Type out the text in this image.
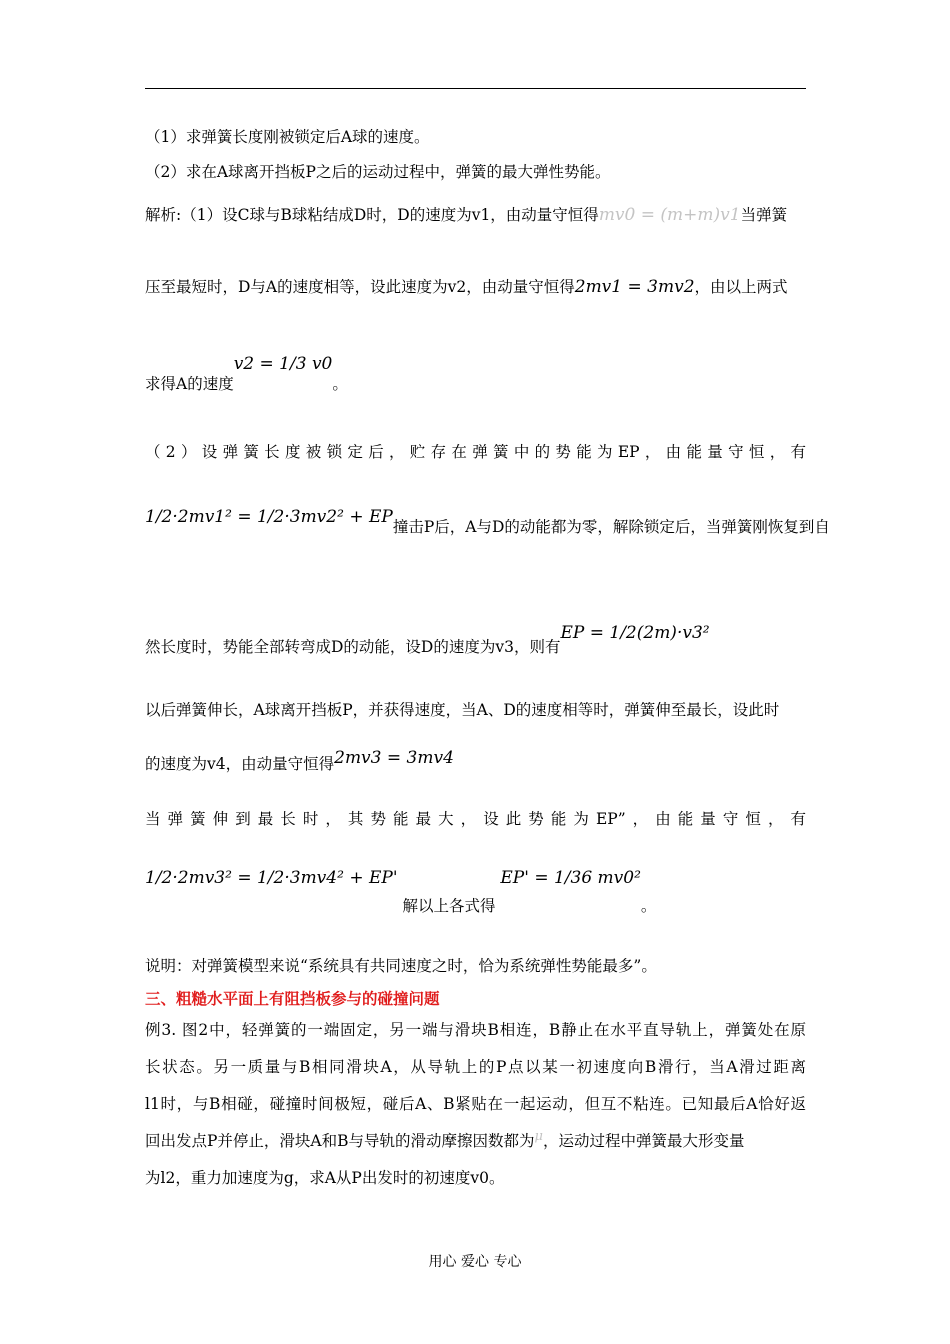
（1）求弹簧长度刚被锁定后A球的速度。
（2）求在A球离开挡板P之后的运动过程中，弹簧的最大弹性势能。
解析:（1）设C球与B球粘结成D时，D的速度为v1，由动量守恒得mv0 = (m+m)v1当弹簧
压至最短时，D与A的速度相等，设此速度为v2，由动量守恒得2mv1 = 3mv2，由以上两式
求得A的速度v2 = 1/3 v0。
（2）设弹簧长度被锁定后，贮存在弹簧中的势能为EP，由能量守恒，有
1/2·2mv1² = 1/2·3mv2² + EP撞击P后，A与D的动能都为零，解除锁定后，当弹簧刚恢复到自
然长度时，势能全部转弯成D的动能，设D的速度为v3，则有EP = 1/2(2m)·v3²
以后弹簧伸长，A球离开挡板P，并获得速度，当A、D的速度相等时，弹簧伸至最长，设此时
的速度为v4，由动量守恒得2mv3 = 3mv4
当弹簧伸到最长时，其势能最大，设此势能为EP”，由能量守恒，有
1/2·2mv3² = 1/2·3mv4² + EP' 解以上各式得 EP' = 1/36 mv0²。
说明：对弹簧模型来说“系统具有共同速度之时，恰为系统弹性势能最多”。
三、粗糙水平面上有阻挡板参与的碰撞问题
例3. 图2中，轻弹簧的一端固定，另一端与滑块B相连，B静止在水平直导轨上，弹簧处在原
长状态。另一质量与B相同滑块A，从导轨上的P点以某一初速度向B滑行，当A滑过距离
l1时，与B相碰，碰撞时间极短，碰后A、B紧贴在一起运动，但互不粘连。已知最后A恰好返
回出发点P并停止，滑块A和B与导轨的滑动摩擦因数都为$^\mu$，运动过程中弹簧最大形变量
为l2，重力加速度为g，求A从P出发时的初速度v0。
用心 爱心 专心
